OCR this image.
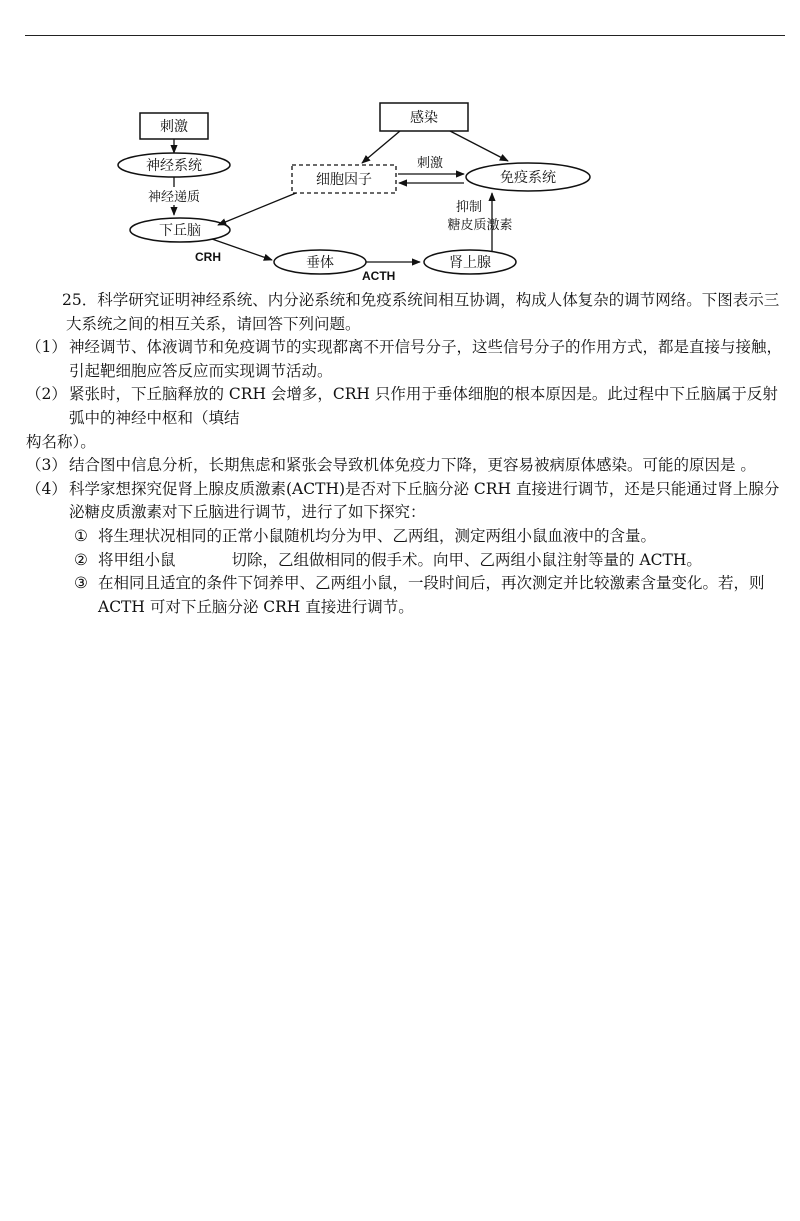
刺激
神经系统
神经递质
下丘脑
感染
细胞因子	免疫系统
刺激
CRH	垂体
ACTH
肾上腺
抑制
糖皮质激素

25．科学研究证明神经系统、内分泌系统和免疫系统间相互协调，构成人体复杂的调节网络。下图表示三大系统之间的相互关系，请回答下列问题。

（1） 神经调节、体液调节和免疫调节的实现都离不开信号分子，这些信号分子的作用方式，都是直接与接触，引起靶细胞应答反应而实现调节活动。
（2） 紧张时，下丘脑释放的 CRH 会增多，CRH 只作用于垂体细胞的根本原因是。此过程中下丘脑属于反射弧中的神经中枢和（填结
构名称）。
（3） 结合图中信息分析，长期焦虑和紧张会导致机体免疫力下降，更容易被病原体感染。可能的原因是 。
（4） 科学家想探究促肾上腺皮质激素(ACTH)是否对下丘脑分泌 CRH 直接进行调节，还是只能通过肾上腺分泌糖皮质激素对下丘脑进行调节，进行了如下探究：
① 将生理状况相同的正常小鼠随机均分为甲、乙两组，测定两组小鼠血液中的含量。
② 将甲组小鼠	切除，乙组做相同的假手术。向甲、乙两组小鼠注射等量的 ACTH。
③ 在相同且适宜的条件下饲养甲、乙两组小鼠，一段时间后，再次测定并比较激素含量变化。若，则 ACTH 可对下丘脑分泌 CRH 直接进行调节。
